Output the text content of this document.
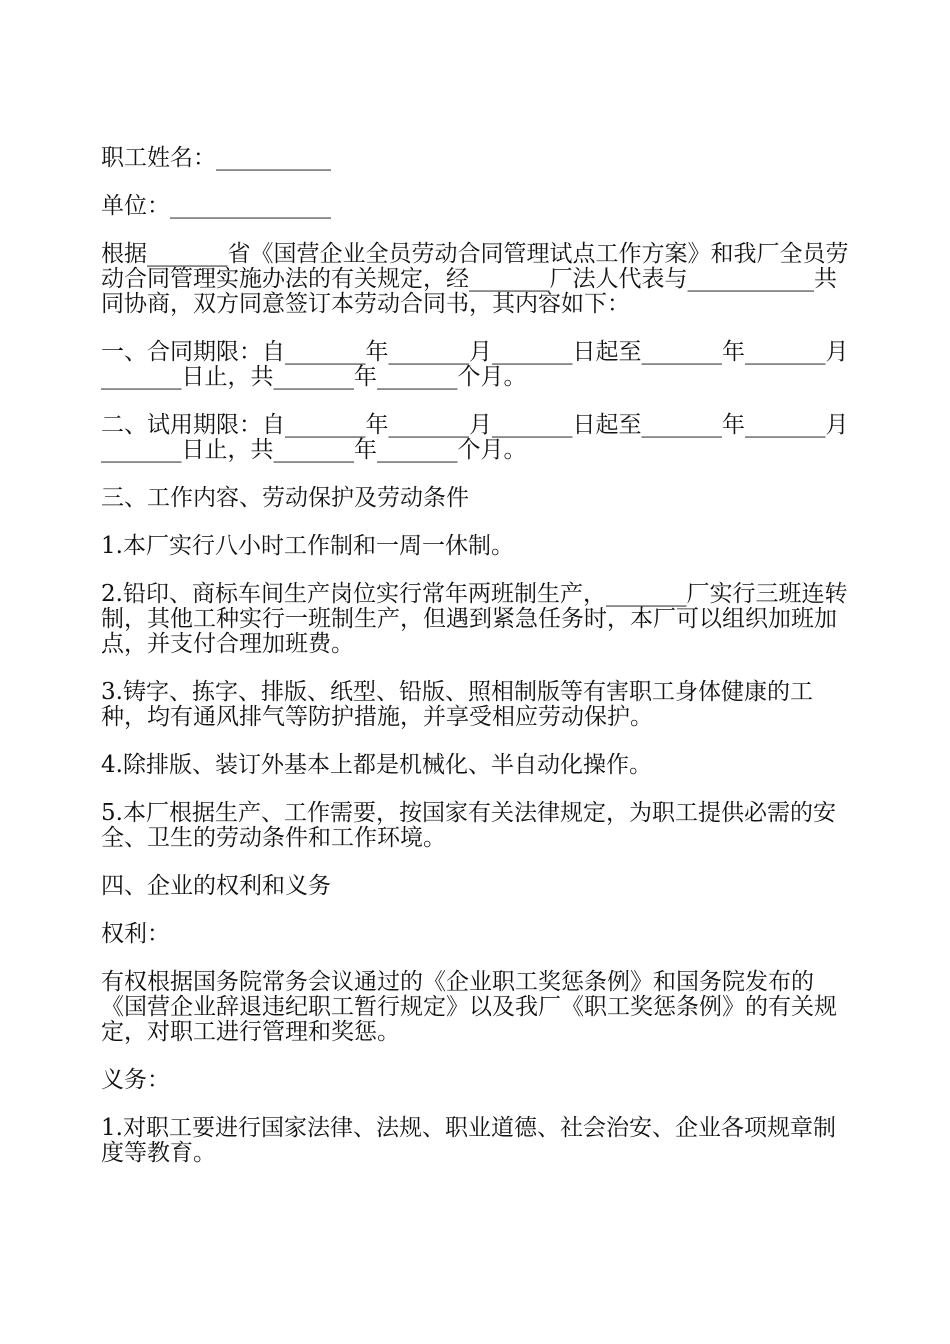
职工姓名：__________

单位：______________

根据_______省《国营企业全员劳动合同管理试点工作方案》和我厂全员劳动合同管理实施办法的有关规定，经_______厂法人代表与___________共同协商，双方同意签订本劳动合同书，其内容如下：

一、合同期限：自_______年_______月_______日起至_______年_______月_______日止，共_______年_______个月。

二、试用期限：自_______年_______月_______日起至_______年_______月_______日止，共_______年_______个月。

三、工作内容、劳动保护及劳动条件

1.本厂实行八小时工作制和一周一休制。

2.铅印、商标车间生产岗位实行常年两班制生产，_______厂实行三班连转制，其他工种实行一班制生产，但遇到紧急任务时，本厂可以组织加班加点，并支付合理加班费。

3.铸字、拣字、排版、纸型、铅版、照相制版等有害职工身体健康的工种，均有通风排气等防护措施，并享受相应劳动保护。

4.除排版、装订外基本上都是机械化、半自动化操作。

5.本厂根据生产、工作需要，按国家有关法律规定，为职工提供必需的安全、卫生的劳动条件和工作环境。

四、企业的权利和义务

权利：

有权根据国务院常务会议通过的《企业职工奖惩条例》和国务院发布的《国营企业辞退违纪职工暂行规定》以及我厂《职工奖惩条例》的有关规定，对职工进行管理和奖惩。

义务：

1.对职工要进行国家法律、法规、职业道德、社会治安、企业各项规章制度等教育。
